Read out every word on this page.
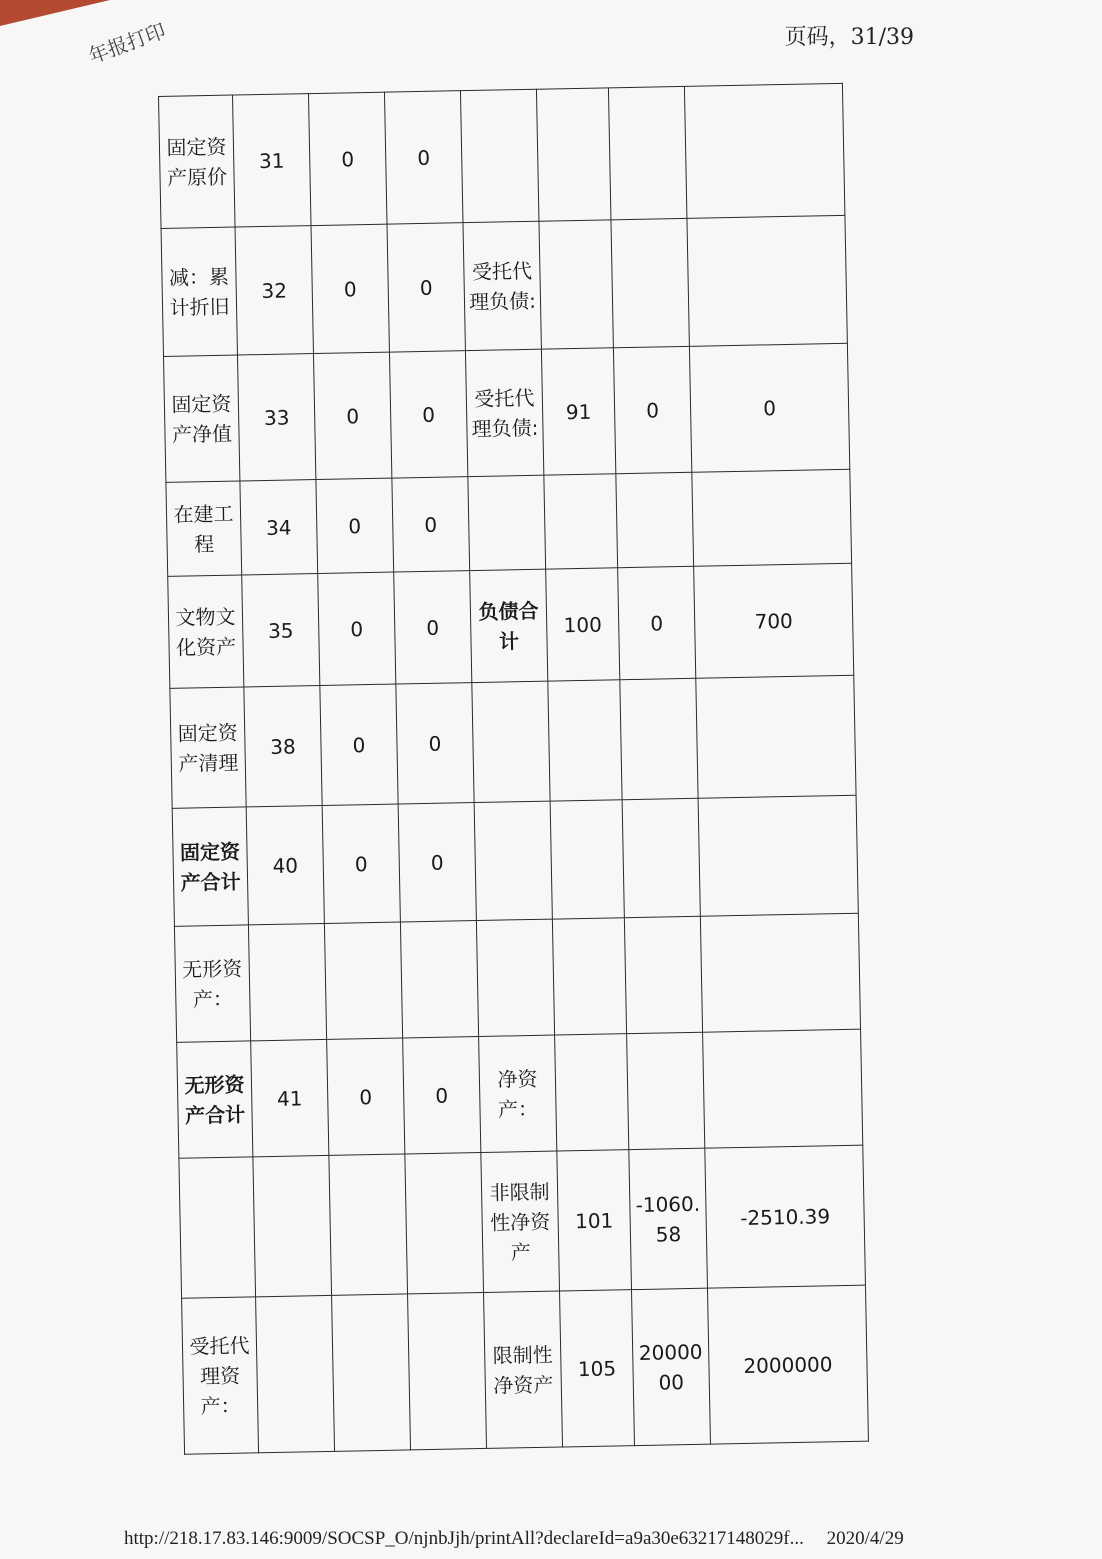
年报打印	页码，31/39
固定资产原价	31	0	0				
减：累计折旧	32	0	0	受托代理负债:			
固定资产净值	33	0	0	受托代理负债:	91	0	0
在建工程	34	0	0				
文物文化资产	35	0	0	负债合计	100	0	700
固定资产清理	38	0	0				
固定资产合计	40	0	0				
无形资产：							
无形资产合计	41	0	0	净资产：			
				非限制性净资产	101	-1060.58	-2510.39
受托代理资产：				限制性净资产	105	2000000	2000000
http://218.17.83.146:9009/SOCSP_O/njnbJjh/printAll?declareId=a9a30e63217148029f... 2020/4/29
